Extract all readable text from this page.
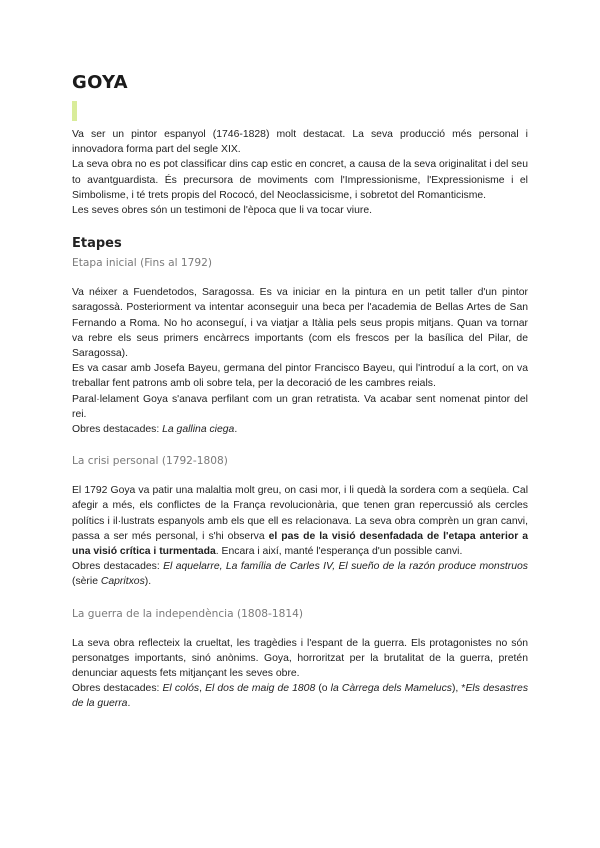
GOYA

Va ser un pintor espanyol (1746-1828) molt destacat. La seva producció més personal i innovadora forma part del segle XIX.

La seva obra no es pot classificar dins cap estic en concret, a causa de la seva originalitat i del seu to avantguardista. És precursora de moviments com l'Impressionisme, l'Expressionisme i el Simbolisme, i té trets propis del Rococó, del Neoclassicisme, i sobretot del Romanticisme.

Les seves obres són un testimoni de l'època que li va tocar viure.

Etapes
Etapa inicial (Fins al 1792)

Va néixer a Fuendetodos, Saragossa. Es va iniciar en la pintura en un petit taller d'un pintor saragossà. Posteriorment va intentar aconseguir una beca per l'academia de Bellas Artes de San Fernando a Roma. No ho aconseguí, i va viatjar a Itàlia pels seus propis mitjans. Quan va tornar va rebre els seus primers encàrrecs importants (com els frescos per la basílica del Pilar, de Saragossa).

Es va casar amb Josefa Bayeu, germana del pintor Francisco Bayeu, qui l'introduí a la cort, on va treballar fent patrons amb oli sobre tela, per la decoració de les cambres reials.

Paral·lelament Goya s'anava perfilant com un gran retratista. Va acabar sent nomenat pintor del rei.

Obres destacades: La gallina ciega.

La crisi personal (1792-1808)

El 1792 Goya va patir una malaltia molt greu, on casi mor, i li quedà la sordera com a seqüela. Cal afegir a més, els conflictes de la França revolucionària, que tenen gran repercussió als cercles polítics i il·lustrats espanyols amb els que ell es relacionava. La seva obra comprèn un gran canvi, passa a ser més personal, i s'hi observa el pas de la visió desenfadada de l'etapa anterior a una visió crítica i turmentada. Encara i així, manté l'esperança d'un possible canvi.

Obres destacades: El aquelarre, La família de Carles IV, El sueño de la razón produce monstruos (sèrie Capritxos).

La guerra de la independència (1808-1814)

La seva obra reflecteix la crueltat, les tragèdies i l'espant de la guerra. Els protagonistes no són personatges importants, sinó anònims. Goya, horroritzat per la brutalitat de la guerra, pretén denunciar aquests fets mitjançant les seves obre.

Obres destacades: El colós, El dos de maig de 1808 (o la Càrrega dels Mamelucs), *Els desastres de la guerra.
